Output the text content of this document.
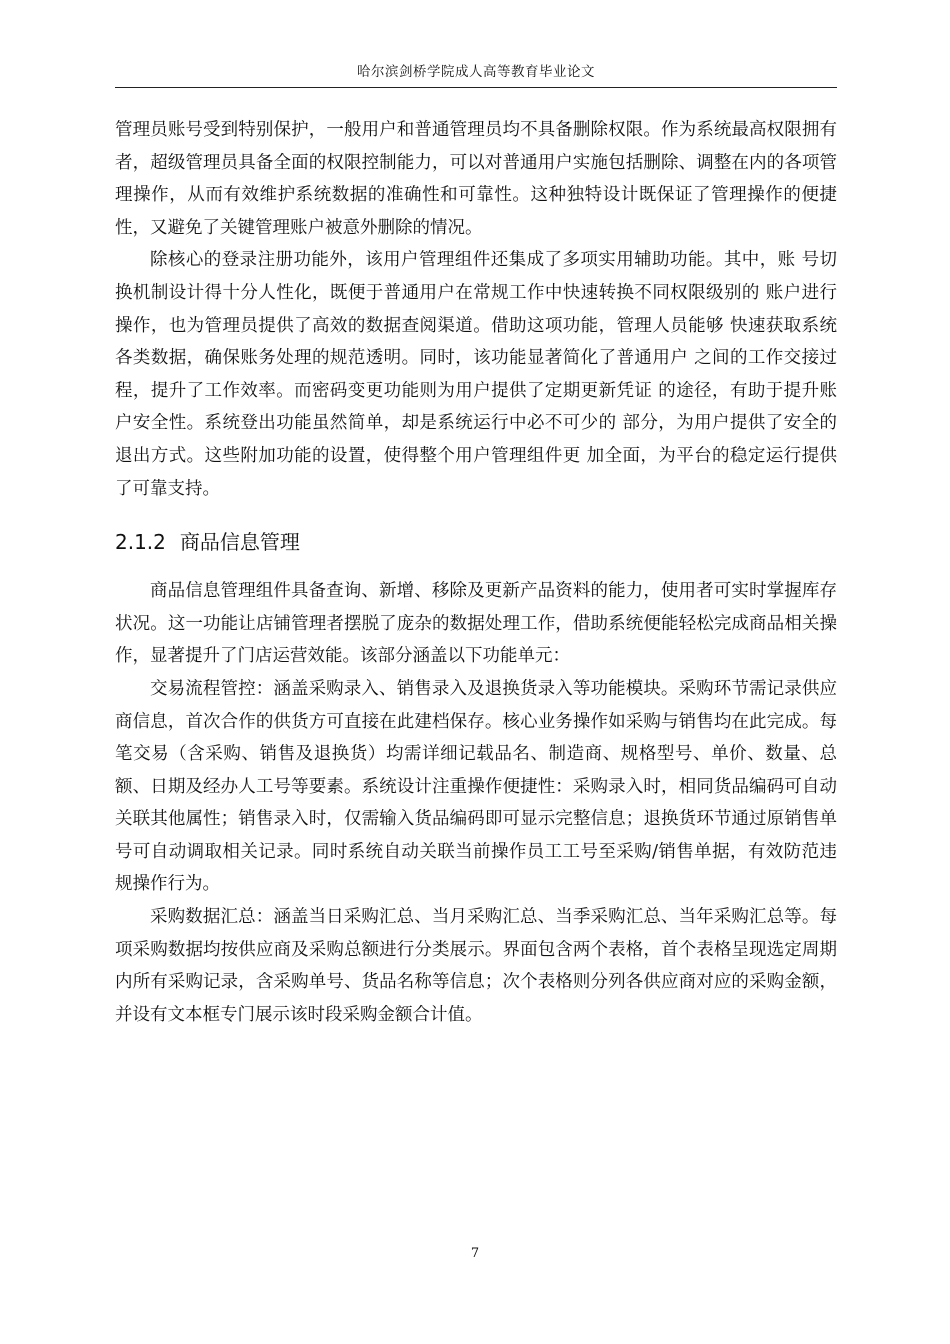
哈尔滨剑桥学院成人高等教育毕业论文

管理员账号受到特别保护，一般用户和普通管理员均不具备删除权限。作为系统最高权限拥有者，超级管理员具备全面的权限控制能力，可以对普通用户实施包括删除、调整在内的各项管理操作，从而有效维护系统数据的准确性和可靠性。这种独特设计既保证了管理操作的便捷性，又避免了关键管理账户被意外删除的情况。

除核心的登录注册功能外，该用户管理组件还集成了多项实用辅助功能。其中，账 号切换机制设计得十分人性化，既便于普通用户在常规工作中快速转换不同权限级别的 账户进行操作，也为管理员提供了高效的数据查阅渠道。借助这项功能，管理人员能够 快速获取系统各类数据，确保账务处理的规范透明。同时，该功能显著简化了普通用户 之间的工作交接过程，提升了工作效率。而密码变更功能则为用户提供了定期更新凭证 的途径，有助于提升账户安全性。系统登出功能虽然简单，却是系统运行中必不可少的 部分，为用户提供了安全的退出方式。这些附加功能的设置，使得整个用户管理组件更 加全面，为平台的稳定运行提供了可靠支持。

2.1.2 商品信息管理

商品信息管理组件具备查询、新增、移除及更新产品资料的能力，使用者可实时掌握库存状况。这一功能让店铺管理者摆脱了庞杂的数据处理工作，借助系统便能轻松完成商品相关操作，显著提升了门店运营效能。该部分涵盖以下功能单元：

交易流程管控：涵盖采购录入、销售录入及退换货录入等功能模块。采购环节需记录供应商信息，首次合作的供货方可直接在此建档保存。核心业务操作如采购与销售均在此完成。每笔交易（含采购、销售及退换货）均需详细记载品名、制造商、规格型号、单价、数量、总额、日期及经办人工号等要素。系统设计注重操作便捷性：采购录入时，相同货品编码可自动关联其他属性；销售录入时，仅需输入货品编码即可显示完整信息；退换货环节通过原销售单号可自动调取相关记录。同时系统自动关联当前操作员工工号至采购/销售单据，有效防范违规操作行为。

采购数据汇总：涵盖当日采购汇总、当月采购汇总、当季采购汇总、当年采购汇总等。每项采购数据均按供应商及采购总额进行分类展示。界面包含两个表格，首个表格呈现选定周期内所有采购记录，含采购单号、货品名称等信息；次个表格则分列各供应商对应的采购金额，并设有文本框专门展示该时段采购金额合计值。

7
